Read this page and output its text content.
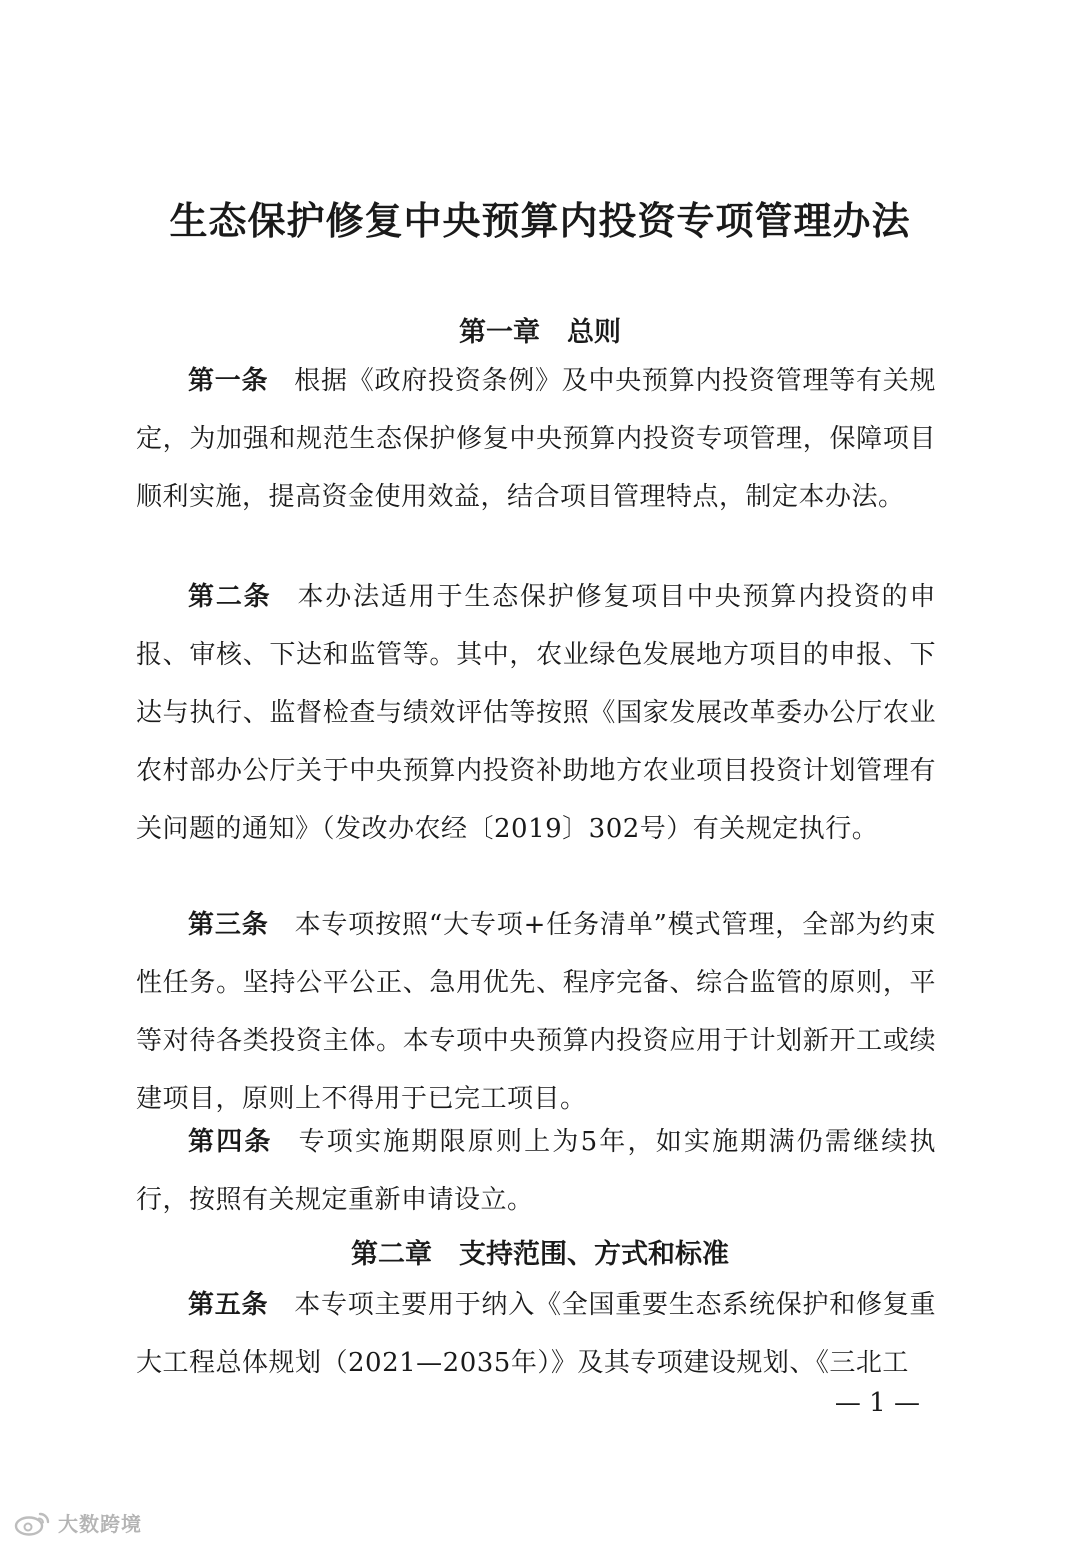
生态保护修复中央预算内投资专项管理办法
第一章　总则

第一条 根据《政府投资条例》及中央预算内投资管理等有关规定，为加强和规范生态保护修复中央预算内投资专项管理，保障项目顺利实施，提高资金使用效益，结合项目管理特点，制定本办法。

第二条 本办法适用于生态保护修复项目中央预算内投资的申报、审核、下达和监管等。其中，农业绿色发展地方项目的申报、下达与执行、监督检查与绩效评估等按照《国家发展改革委办公厅农业农村部办公厅关于中央预算内投资补助地方农业项目投资计划管理有关问题的通知》（发改办农经〔2019〕302号）有关规定执行。

第三条 本专项按照“大专项+任务清单”模式管理，全部为约束性任务。坚持公平公正、急用优先、程序完备、综合监管的原则，平等对待各类投资主体。本专项中央预算内投资应用于计划新开工或续建项目，原则上不得用于已完工项目。

第四条 专项实施期限原则上为5年，如实施期满仍需继续执行，按照有关规定重新申请设立。

第二章　支持范围、方式和标准

第五条 本专项主要用于纳入《全国重要生态系统保护和修复重大工程总体规划（2021—2035年）》及其专项建设规划、《三北工

— 1 —

大数跨境
